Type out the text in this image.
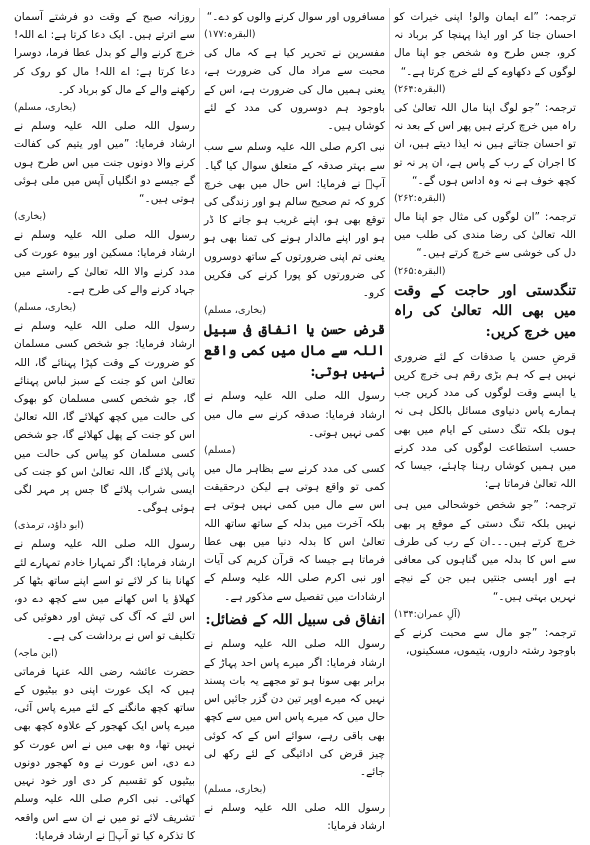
ترجمہ: ”اے ایمان والو! اپنی خیرات کو احسان جتا کر اور ایذا پہنچا کر برباد نہ کرو، جس طرح وہ شخص جو اپنا مال لوگوں کے دکھاوے کے لئے خرچ کرتا ہے۔“

(البقرہ:۲۶۴)

ترجمہ: ”جو لوگ اپنا مال اللہ تعالیٰ کی راہ میں خرچ کرتے ہیں پھر اس کے بعد نہ تو احسان جتاتے ہیں نہ ایذا دیتے ہیں، ان کا اجران کے رب کے پاس ہے، ان پر نہ تو کچھ خوف ہے نہ وہ اداس ہوں گے۔“

(البقرہ:۲۶۲)

ترجمہ: ”ان لوگوں کی مثال جو اپنا مال اللہ تعالیٰ کی رضا مندی کی طلب میں دل کی خوشی سے خرچ کرتے ہیں۔“

(البقرہ:۲۶۵)

تنگدستی اور حاجت کے وقت میں بھی اللہ تعالیٰ کی راہ میں خرچ کریں:

قرضِ حسن یا صدقات کے لئے ضروری نہیں ہے کہ ہم بڑی رقم ہی خرچ کریں یا ایسے وقت لوگوں کی مدد کریں جب ہمارے پاس دنیاوی مسائل بالکل ہی نہ ہوں بلکہ تنگ دستی کے ایام میں بھی حسب استطاعت لوگوں کی مدد کرنے میں ہمیں کوشاں رہنا چاہئے، جیسا کہ اللہ تعالیٰ فرماتا ہے:

ترجمہ: ”جو شخص خوشحالی میں ہی نہیں بلکہ تنگ دستی کے موقع پر بھی خرچ کرتے ہیں۔۔۔ان کے رب کی طرف سے اس کا بدلہ میں گناہوں کی معافی ہے اور ایسی جنتیں ہیں جن کے نیچے نہریں بہتی ہیں۔“

(آلِ عمران:۱۳۴)

ترجمہ: ”جو مال سے محبت کرنے کے باوجود رشتہ داروں، یتیموں، مسکینوں،

مسافروں اور سوال کرنے والوں کو دے۔“

(البقرہ:۱۷۷)

مفسرین نے تحریر کیا ہے کہ مال کی محبت سے مراد مال کی ضرورت ہے، یعنی ہمیں مال کی ضرورت ہے، اس کے باوجود ہم دوسروں کی مدد کے لئے کوشاں ہیں۔

نبی اکرم صلی اللہ علیہ وسلم سے سب سے بہتر صدقہ کے متعلق سوال کیا گیا۔ آپؐ نے فرمایا: اس حال میں بھی خرچ کرو کہ تم صحیح سالم ہو اور زندگی کی توقع بھی ہو، اپنے غریب ہو جانے کا ڈر ہو اور اپنے مالدار ہونے کی تمنا بھی ہو یعنی تم اپنی ضرورتوں کے ساتھ دوسروں کی ضرورتوں کو پورا کرنے کی فکریں کرو۔

(بخاری، مسلم)

قرضِ حسن یا انفاق فی سبیل اللہ سے مال میں کمی واقع نہیں ہوتی:

رسول اللہ صلی اللہ علیہ وسلم نے ارشاد فرمایا: صدقہ کرنے سے مال میں کمی نہیں ہوتی۔

(مسلم)

کسی کی مدد کرنے سے بظاہر مال میں کمی تو واقع ہوتی ہے لیکن درحقیقت اس سے مال میں کمی نہیں ہوتی ہے بلکہ آخرت میں بدلہ کے ساتھ ساتھ اللہ تعالیٰ اس کا بدلہ دنیا میں بھی عطا فرماتا ہے جیسا کہ قرآن کریم کی آیات اور نبی اکرم صلی اللہ علیہ وسلم کے ارشادات میں تفصیل سے مذکور ہے۔

انفاق فی سبیل اللہ کے فضائل:

رسول اللہ صلی اللہ علیہ وسلم نے ارشاد فرمایا: اگر میرے پاس احد پہاڑ کے برابر بھی سونا ہو تو مجھے یہ بات پسند نہیں کہ میرے اوپر تین دن گزر جائیں اس حال میں کہ میرے پاس اس میں سے کچھ بھی باقی رہے، سوائے اس کے کہ کوئی چیز قرض کی ادائیگی کے لئے رکھ لی جائے۔

(بخاری، مسلم)

رسول اللہ صلی اللہ علیہ وسلم نے ارشاد فرمایا:

روزانہ صبح کے وقت دو فرشتے آسمان سے اترتے ہیں۔ ایک دعا کرتا ہے: اے اللہ! خرچ کرنے والے کو بدل عطا فرما، دوسرا دعا کرتا ہے: اے اللہ! مال کو روک کر رکھنے والے کے مال کو برباد کر۔

(بخاری، مسلم)

رسول اللہ صلی اللہ علیہ وسلم نے ارشاد فرمایا: ”میں اور یتیم کی کفالت کرنے والا دونوں جنت میں اس طرح ہوں گے جیسے دو انگلیاں آپس میں ملی ہوئی ہوتی ہیں۔“

(بخاری)

رسول اللہ صلی اللہ علیہ وسلم نے ارشاد فرمایا: مسکین اور بیوہ عورت کی مدد کرنے والا اللہ تعالیٰ کے راستے میں جہاد کرنے والے کی طرح ہے۔

(بخاری، مسلم)

رسول اللہ صلی اللہ علیہ وسلم نے ارشاد فرمایا: جو شخص کسی مسلمان کو ضرورت کے وقت کپڑا پہنائے گا، اللہ تعالیٰ اس کو جنت کے سبز لباس پہنائے گا، جو شخص کسی مسلمان کو بھوک کی حالت میں کچھ کھلائے گا، اللہ تعالیٰ اس کو جنت کے پھل کھلائے گا، جو شخص کسی مسلمان کو پیاس کی حالت میں پانی پلائے گا، اللہ تعالیٰ اس کو جنت کی ایسی شراب پلائے گا جس پر مہر لگی ہوئی ہوگی۔

(ابو داؤد، ترمذی)

رسول اللہ صلی اللہ علیہ وسلم نے ارشاد فرمایا: اگر تمہارا خادم تمہارے لئے کھانا بنا کر لائے تو اسے اپنے ساتھ بٹھا کر کھلاؤ یا اس کھانے میں سے کچھ دے دو، اس لئے کہ آگ کی تپش اور دھوئیں کی تکلیف تو اس نے برداشت کی ہے۔

(ابن ماجہ)

حضرت عائشہ رضی اللہ عنہا فرماتی ہیں کہ ایک عورت اپنی دو بیٹیوں کے ساتھ کچھ مانگنے کے لئے میرے پاس آئی، میرے پاس ایک کھجور کے علاوہ کچھ بھی نہیں تھا، وہ بھی میں نے اس عورت کو دے دی، اس عورت نے وہ کھجور دونوں بیٹیوں کو تقسیم کر دی اور خود نہیں کھائی۔ نبی اکرم صلی اللہ علیہ وسلم تشریف لائے تو میں نے ان سے اس واقعہ کا تذکرہ کیا تو آپؐ نے ارشاد فرمایا:
